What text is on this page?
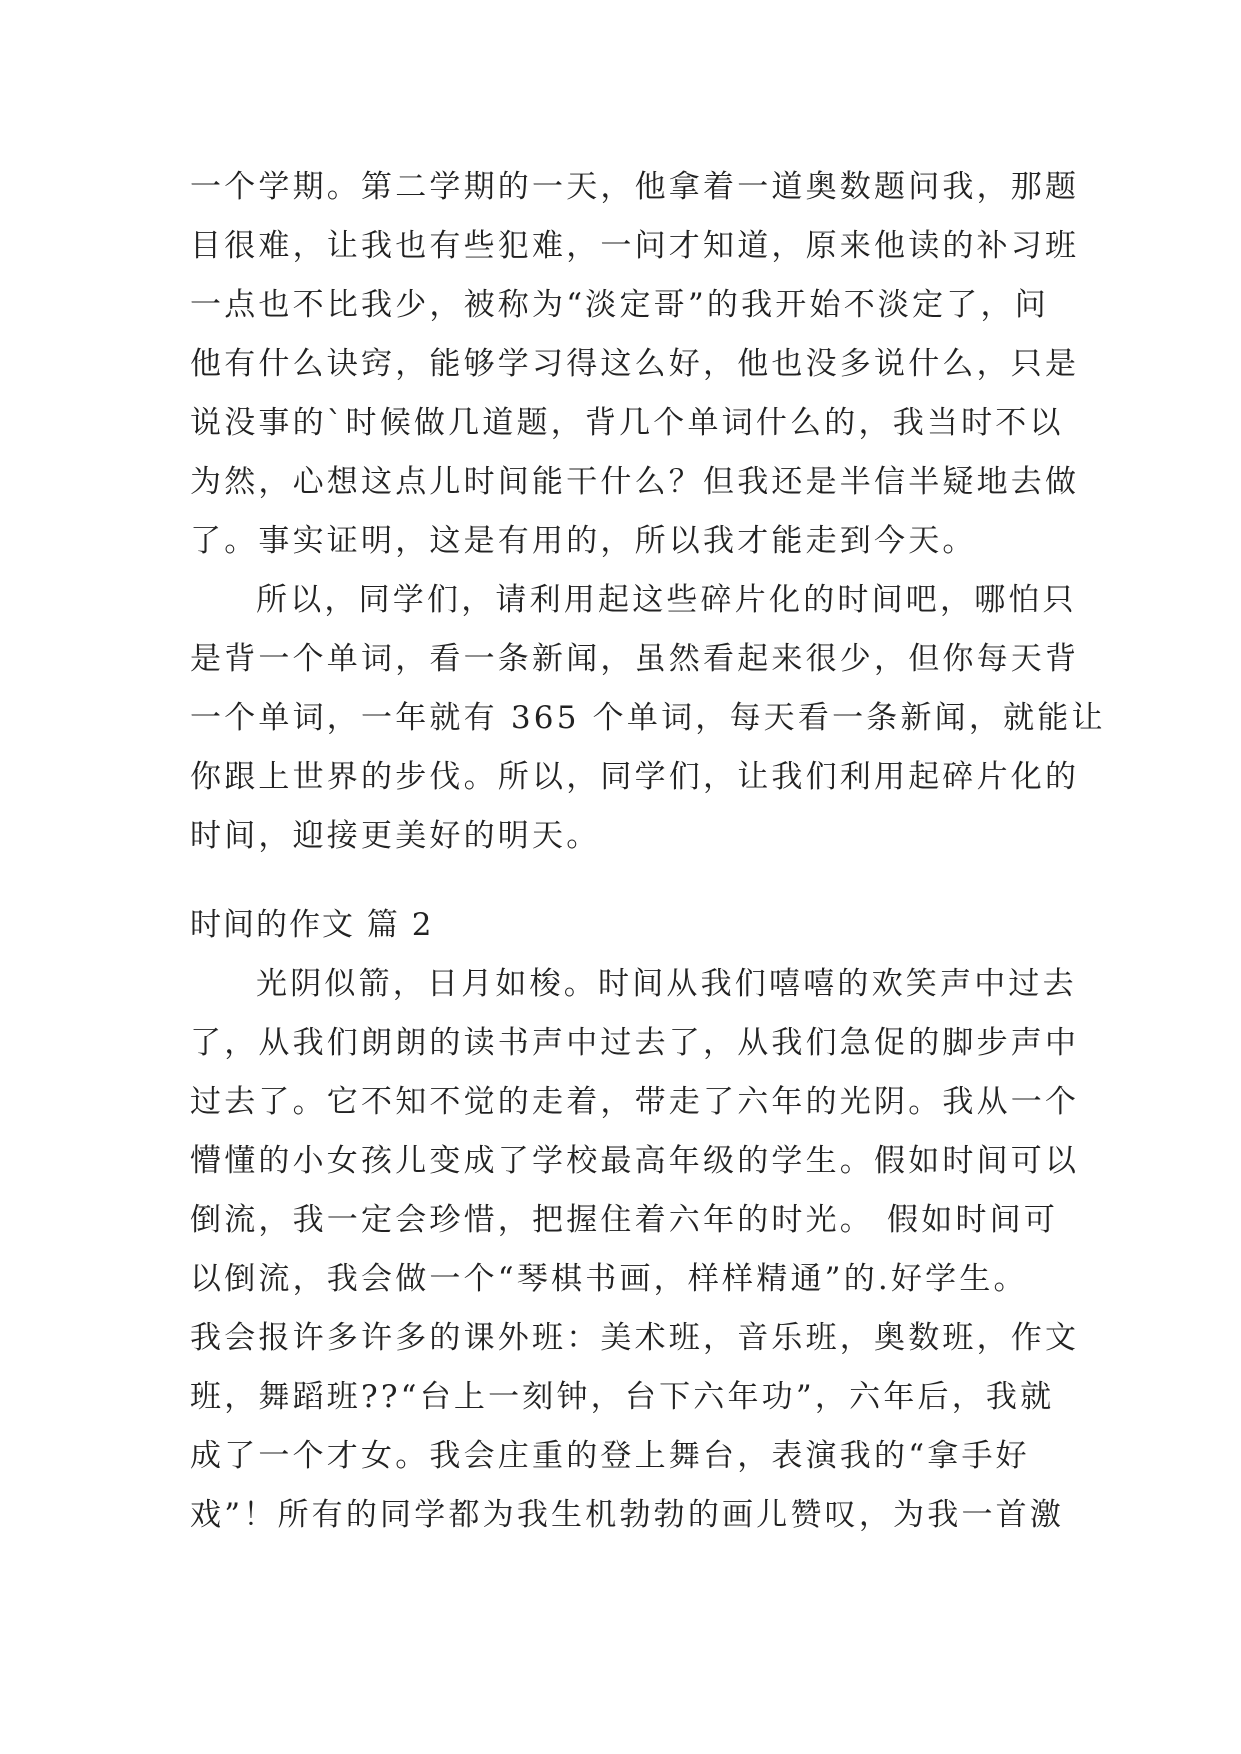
一个学期。第二学期的一天，他拿着一道奥数题问我，那题
目很难，让我也有些犯难，一问才知道，原来他读的补习班
一点也不比我少，被称为“淡定哥”的我开始不淡定了，问
他有什么诀窍，能够学习得这么好，他也没多说什么，只是
说没事的`时候做几道题，背几个单词什么的，我当时不以
为然，心想这点儿时间能干什么？但我还是半信半疑地去做
了。事实证明，这是有用的，所以我才能走到今天。
所以，同学们，请利用起这些碎片化的时间吧，哪怕只
是背一个单词，看一条新闻，虽然看起来很少，但你每天背
一个单词，一年就有 365 个单词，每天看一条新闻，就能让
你跟上世界的步伐。所以，同学们，让我们利用起碎片化的
时间，迎接更美好的明天。
时间的作文 篇 2
光阴似箭，日月如梭。时间从我们嘻嘻的欢笑声中过去
了，从我们朗朗的读书声中过去了，从我们急促的脚步声中
过去了。它不知不觉的走着，带走了六年的光阴。我从一个
懵懂的小女孩儿变成了学校最高年级的学生。假如时间可以
倒流，我一定会珍惜，把握住着六年的时光。 假如时间可
以倒流，我会做一个“琴棋书画，样样精通”的.好学生。
我会报许多许多的课外班：美术班，音乐班，奥数班，作文
班，舞蹈班??“台上一刻钟，台下六年功”，六年后，我就
成了一个才女。我会庄重的登上舞台，表演我的“拿手好
戏”！所有的同学都为我生机勃勃的画儿赞叹，为我一首激
